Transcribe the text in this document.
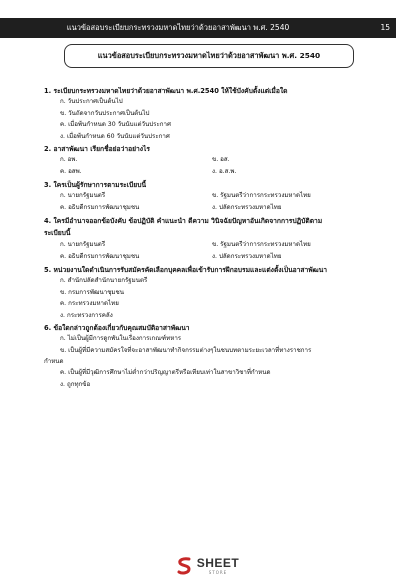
แนวข้อสอบระเบียบกระทรวงมหาดไทยว่าด้วยอาสาพัฒนา พ.ศ. 2540	15
แนวข้อสอบระเบียบกระทรวงมหาดไทยว่าด้วยอาสาพัฒนา พ.ศ. 2540
1. ระเบียบกระทรวงมหาดไทยว่าด้วยอาสาพัฒนา พ.ศ.2540 ให้ใช้บังคับตั้งแต่เมื่อใด
ก. วันประกาศเป็นต้นไป
ข. วันถัดจากวันประกาศเป็นต้นไป
ค. เมื่อพ้นกำหนด 30 วันนับแต่วันประกาศ
ง. เมื่อพ้นกำหนด 60 วันนับแต่วันประกาศ
2. อาสาพัฒนา เรียกชื่อย่อว่าอย่างไร
ก. อพ.	ข. อส.
ค. อสพ.	ง. อ.ส.พ.
3. ใครเป็นผู้รักษาการตามระเบียบนี้
ก. นายกรัฐมนตรี	ข. รัฐมนตรีว่าการกระทรวงมหาดไทย
ค. อธิบดีกรมการพัฒนาชุมชน	ง. ปลัดกระทรวงมหาดไทย
4. ใครมีอำนาจออกข้อบังคับ ข้อปฏิบัติ คำแนะนำ ตีความ วินิจฉัยปัญหาอันเกิดจากการปฏิบัติตาม
ระเบียบนี้
ก. นายกรัฐมนตรี	ข. รัฐมนตรีว่าการกระทรวงมหาดไทย
ค. อธิบดีกรมการพัฒนาชุมชน	ง. ปลัดกระทรวงมหาดไทย
5. หน่วยงานใดดำเนินการรับสมัครคัดเลือกบุคคลเพื่อเข้ารับการฝึกอบรมและแต่งตั้งเป็นอาสาพัฒนา
ก. สำนักปลัดสำนักนายกรัฐมนตรี
ข. กรมการพัฒนาชุมชน
ค. กระทรวงมหาดไทย
ง. กระทรวงการคลัง
6. ข้อใดกล่าวถูกต้องเกี่ยวกับคุณสมบัติอาสาพัฒนา
ก. ไม่เป็นผู้มีการดูกพันในเรื่องการเกณฑ์ทหาร
ข. เป็นผู้ที่มีความสมัครใจที่จะอาสาพัฒนาทำกิจกรรมต่างๆในชนบทตามระยะเวลาที่ทางราชการ
กำหนด
ค. เป็นผู้ที่มีวุฒิการศึกษาไม่ต่ำกว่าปริญญาตรีหรือเทียบเท่าในสาขาวิชาที่กำหนด
ง. ถูกทุกข้อ
SHEET
STORE
